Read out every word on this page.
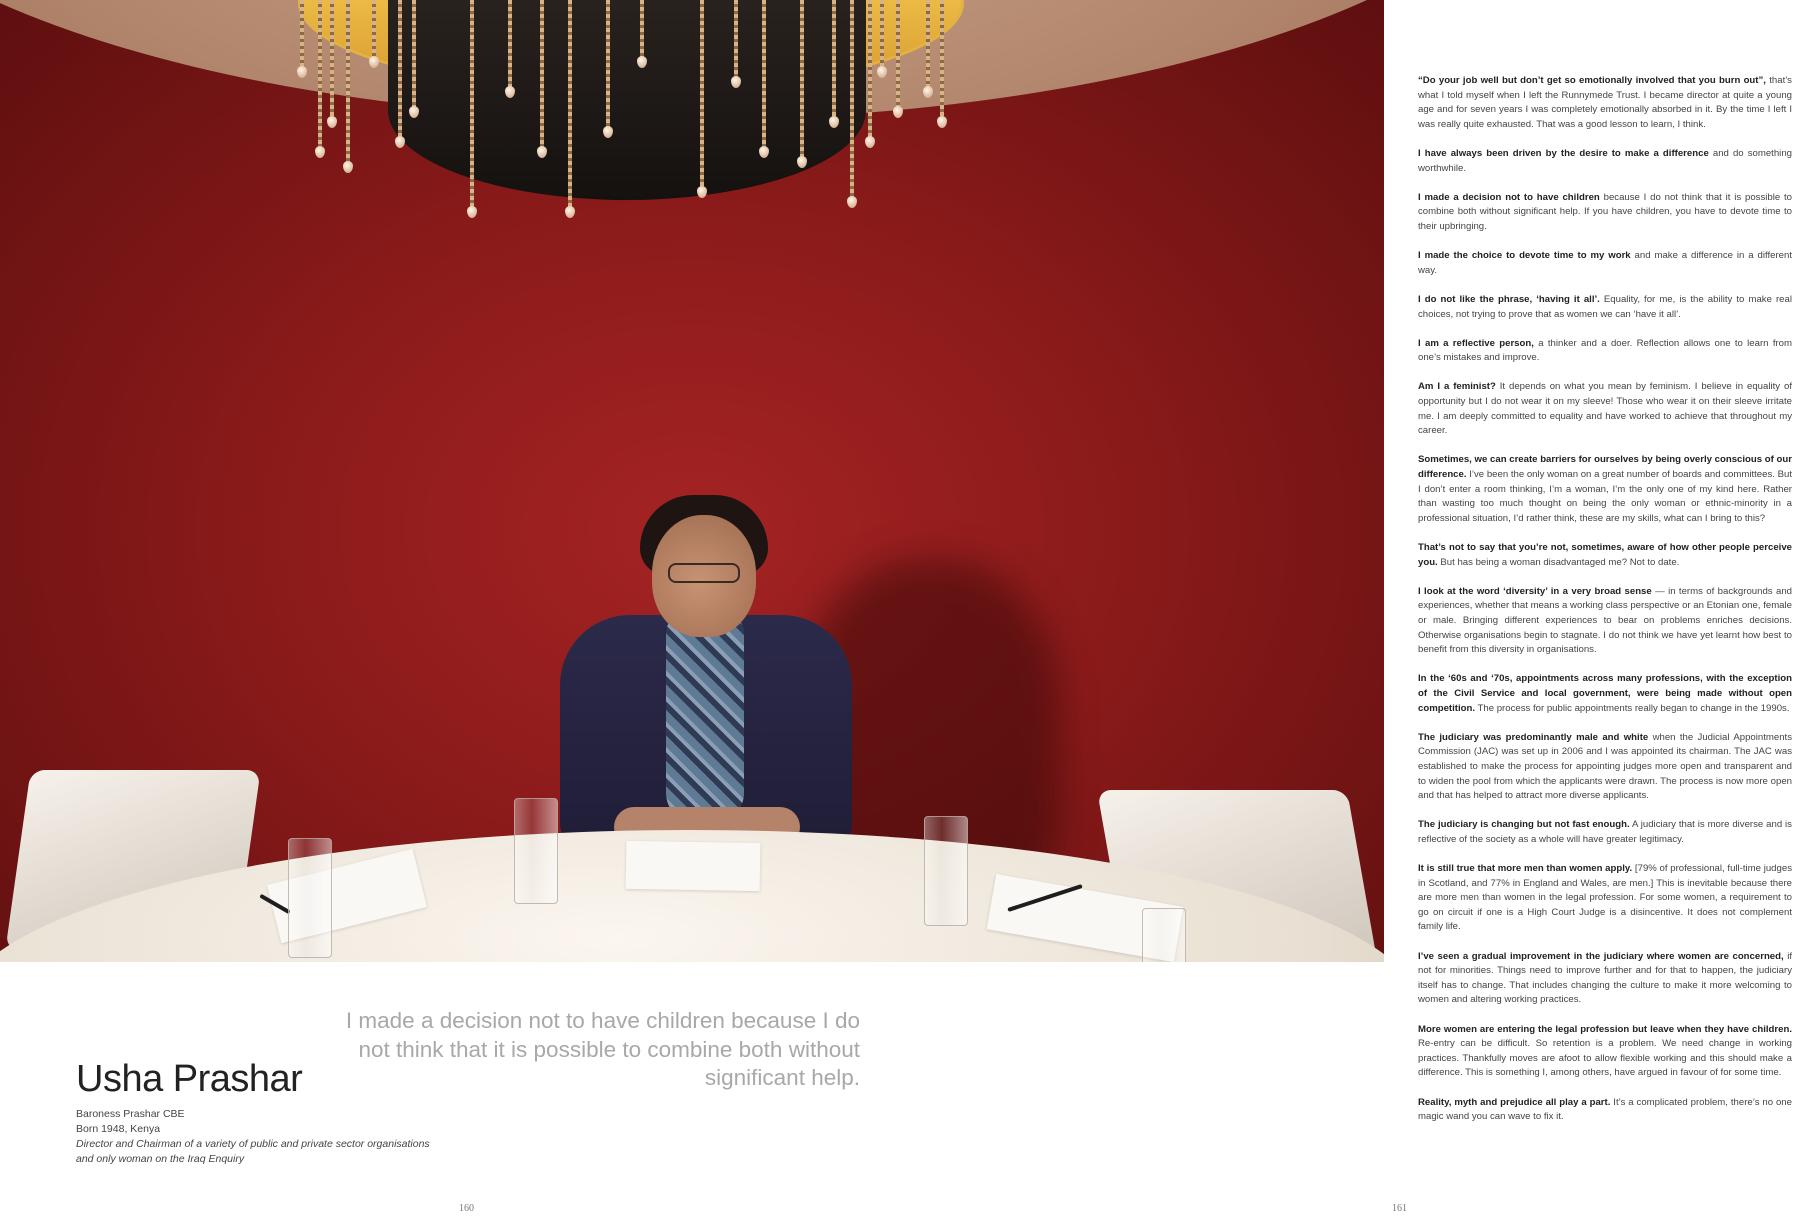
Usha Prashar
Baroness Prashar CBE
Born 1948, Kenya
Director and Chairman of a variety of public and private sector organisations
and only woman on the Iraq Enquiry
I made a decision not to have children because I do not think that it is possible to combine both without significant help.
160	161

“Do your job well but don’t get so emotionally involved that you burn out”, that’s what I told myself when I left the Runnymede Trust. I became director at quite a young age and for seven years I was completely emotionally absorbed in it. By the time I left I was really quite exhausted. That was a good lesson to learn, I think.

I have always been driven by the desire to make a difference and do something worthwhile.

I made a decision not to have children because I do not think that it is possible to combine both without significant help. If you have children, you have to devote time to their upbringing.

I made the choice to devote time to my work and make a difference in a different way.

I do not like the phrase, ‘having it all’. Equality, for me, is the ability to make real choices, not trying to prove that as women we can ‘have it all’.

I am a reflective person, a thinker and a doer. Reflection allows one to learn from one’s mistakes and improve.

Am I a feminist? It depends on what you mean by feminism. I believe in equality of opportunity but I do not wear it on my sleeve! Those who wear it on their sleeve irritate me. I am deeply committed to equality and have worked to achieve that throughout my career.

Sometimes, we can create barriers for ourselves by being overly conscious of our difference. I’ve been the only woman on a great number of boards and committees. But I don’t enter a room thinking, I’m a woman, I’m the only one of my kind here. Rather than wasting too much thought on being the only woman or ethnic-minority in a professional situation, I’d rather think, these are my skills, what can I bring to this?

That’s not to say that you’re not, sometimes, aware of how other people perceive you. But has being a woman disadvantaged me? Not to date.

I look at the word ‘diversity’ in a very broad sense — in terms of backgrounds and experiences, whether that means a working class perspective or an Etonian one, female or male. Bringing different experiences to bear on problems enriches decisions. Otherwise organisations begin to stagnate. I do not think we have yet learnt how best to benefit from this diversity in organisations.

In the ‘60s and ‘70s, appointments across many professions, with the exception of the Civil Service and local government, were being made without open competition. The process for public appointments really began to change in the 1990s.

The judiciary was predominantly male and white when the Judicial Appointments Commission (JAC) was set up in 2006 and I was appointed its chairman. The JAC was established to make the process for appointing judges more open and transparent and to widen the pool from which the applicants were drawn. The process is now more open and that has helped to attract more diverse applicants.

The judiciary is changing but not fast enough. A judiciary that is more diverse and is reflective of the society as a whole will have greater legitimacy.

It is still true that more men than women apply. [79% of professional, full-time judges in Scotland, and 77% in England and Wales, are men.] This is inevitable because there are more men than women in the legal profession. For some women, a requirement to go on circuit if one is a High Court Judge is a disincentive. It does not complement family life.

I’ve seen a gradual improvement in the judiciary where women are concerned, if not for minorities. Things need to improve further and for that to happen, the judiciary itself has to change. That includes changing the culture to make it more welcoming to women and altering working practices.

More women are entering the legal profession but leave when they have children. Re-entry can be difficult. So retention is a problem. We need change in working practices. Thankfully moves are afoot to allow flexible working and this should make a difference. This is something I, among others, have argued in favour of for some time.

Reality, myth and prejudice all play a part. It’s a complicated problem, there’s no one magic wand you can wave to fix it.
